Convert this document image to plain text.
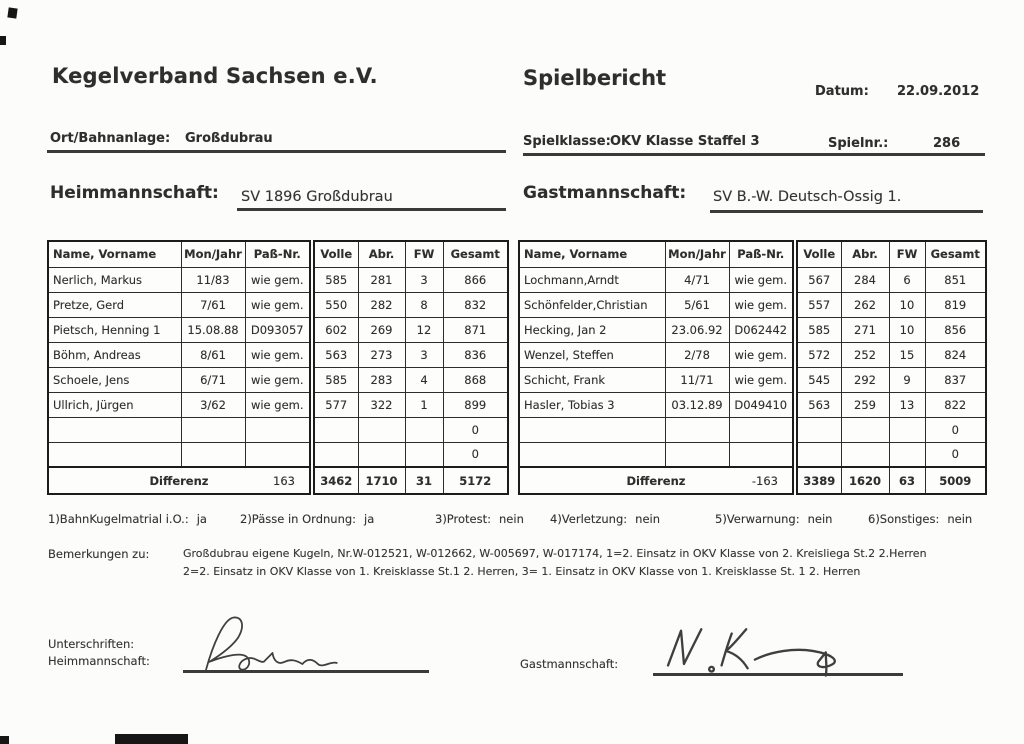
Kegelverband Sachsen e.V.	Spielbericht
Datum: 22.09.2012
Ort/Bahnanlage: Großdubrau	Spielklasse: OKV Klasse Staffel 3	Spielnr.:	286
Heimmannschaft: SV 1896 Großdubrau	Gastmannschaft: SV B.-W. Deutsch-Ossig 1.
Name, Vorname	Mon/Jahr	Paß-Nr.	Volle	Abr.	FW	Gesamt
Nerlich, Markus	11/83	wie gem.	585	281	3	866
Pretze, Gerd	7/61	wie gem.	550	282	8	832
Pietsch, Henning 1	15.08.88	D093057	602	269	12	871
Böhm, Andreas	8/61	wie gem.	563	273	3	836
Schoele, Jens	6/71	wie gem.	585	283	4	868
Ullrich, Jürgen	3/62	wie gem.	577	322	1	899
						0
						0
Differenz 163			3462	1710	31	5172
Name, Vorname	Mon/Jahr	Paß-Nr.	Volle	Abr.	FW	Gesamt
Lochmann,Arndt	4/71	wie gem.	567	284	6	851
Schönfelder,Christian	5/61	wie gem.	557	262	10	819
Hecking, Jan 2	23.06.92	D062442	585	271	10	856
Wenzel, Steffen	2/78	wie gem.	572	252	15	824
Schicht, Frank	11/71	wie gem.	545	292	9	837
Hasler, Tobias 3	03.12.89	D049410	563	259	13	822
						0
						0
Differenz -163			3389	1620	63	5009
1)BahnKugelmatrial i.O.: ja	2)Pässe in Ordnung: ja	3)Protest: nein 4)Verletzung: nein	5)Verwarnung: nein	6)Sonstiges: nein
Bemerkungen zu:	Großdubrau eigene Kugeln, Nr.W-012521, W-012662, W-005697, W-017174, 1=2. Einsatz in OKV Klasse von 2. Kreisliega St.2 2.Herren
2=2. Einsatz in OKV Klasse von 1. Kreisklasse St.1 2. Herren, 3= 1. Einsatz in OKV Klasse von 1. Kreisklasse St. 1 2. Herren
Unterschriften:
Heimmannschaft:	Gastmannschaft:
